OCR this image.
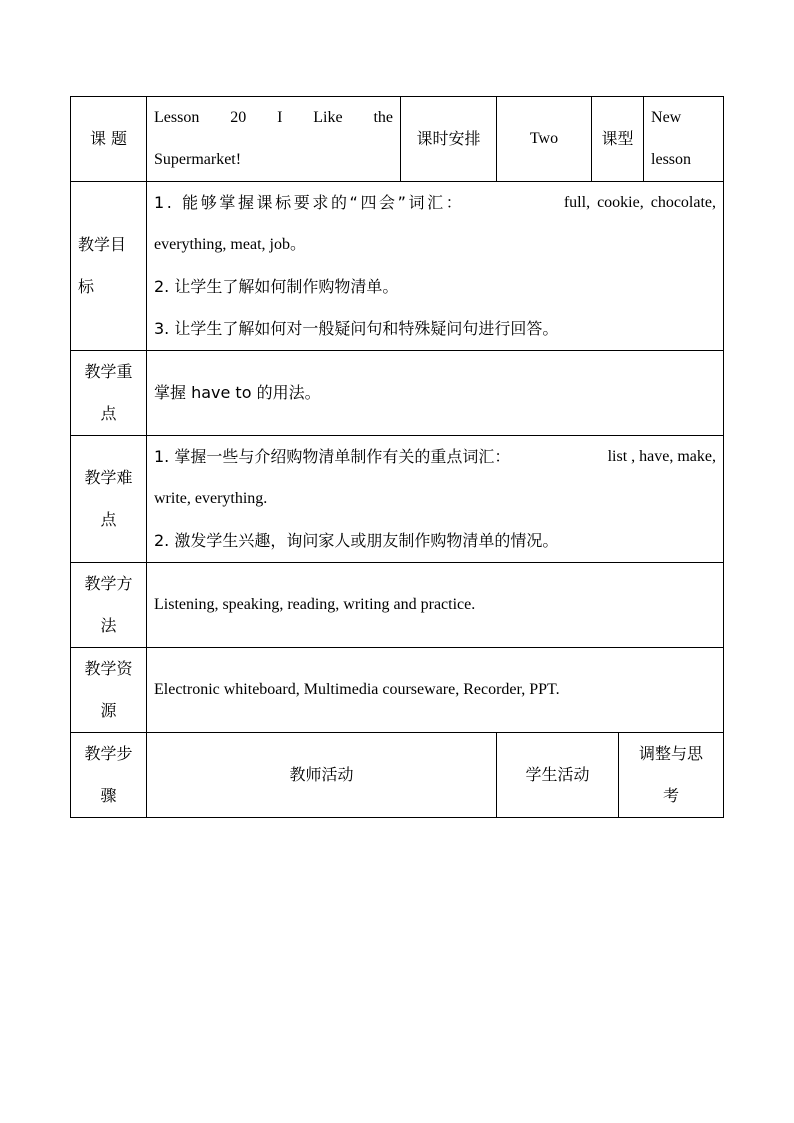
课 题	Lesson 20 I Like the
Supermarket!	课时安排	Two	课型		New
lesson

教学目
标	1. 能够掌握课标要求的“四会”词汇： full, cookie, chocolate,
everything, meat, job。
2. 让学生了解如何制作购物清单。
3. 让学生了解如何对一般疑问句和特殊疑问句进行回答。					

教学重
点	掌握 have to 的用法。					

教学难
点	1. 掌握一些与介绍购物清单制作有关的重点词汇： list , have, make,
write, everything.
2. 激发学生兴趣，询问家人或朋友制作购物清单的情况。					

教学方
法	Listening, speaking, reading, writing and practice.					

教学资
源	Electronic whiteboard, Multimedia courseware, Recorder, PPT.					

教学步
骤	教师活动		学生活动		调整与思
考	
